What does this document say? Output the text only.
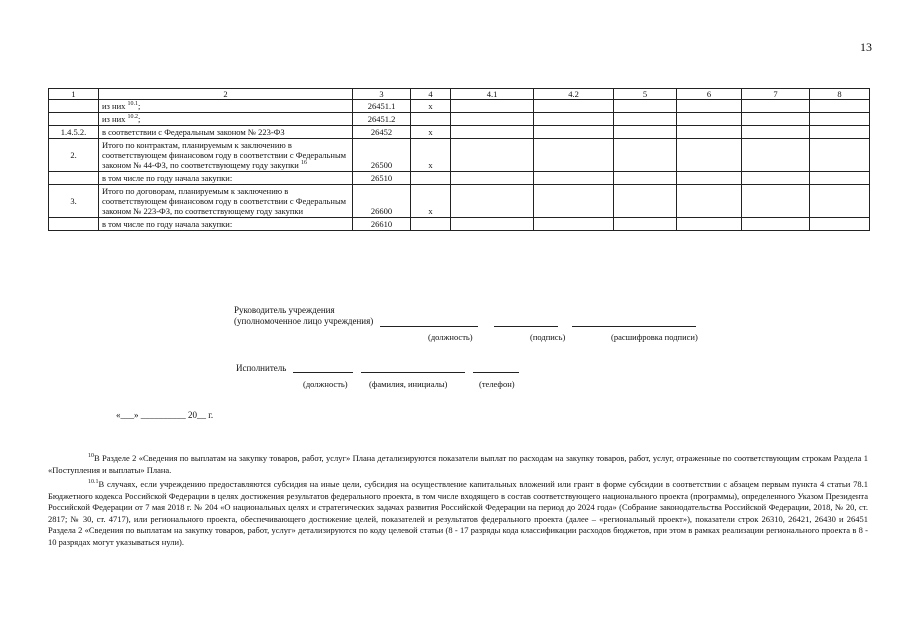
13
1	2	3	4	4.1	4.2	5	6	7	8
	из них $^{10.1}$;	26451.1	х						
	из них $^{10.2}$;	26451.2							
1.4.5.2.	в соответствии с Федеральным законом № 223-ФЗ	26452	х						
2.	Итого по контрактам, планируемым к заключению в соответствующем финансовом году в соответствии с Федеральным законом № 44-ФЗ, по соответствующему году закупки $^{16}$	26500	х						
	в том числе по году начала закупки:	26510							
3.	Итого по договорам, планируемым к заключению в соответствующем финансовом году в соответствии с Федеральным законом № 223-ФЗ, по соответствующему году закупки	26600	х						
	в том числе по году начала закупки:	26610							
Руководитель учреждения
(уполномоченное лицо учреждения)
(должность)	(подпись)	(расшифровка подписи)
Исполнитель
(должность)	(фамилия, инициалы)	(телефон)
«___» __________ 20__ г.

$^{10}$В Разделе 2 «Сведения по выплатам на закупку товаров, работ, услуг» Плана детализируются показатели выплат по расходам на закупку товаров, работ, услуг, отраженные по соответствующим строкам Раздела 1 «Поступления и выплаты» Плана.

$^{10.1}$В случаях, если учреждению предоставляются субсидия на иные цели, субсидия на осуществление капитальных вложений или грант в форме субсидии в соответствии с абзацем первым пункта 4 статьи 78.1 Бюджетного кодекса Российской Федерации в целях достижения результатов федерального проекта, в том числе входящего в состав соответствующего национального проекта (программы), определенного Указом Президента Российской Федерации от 7 мая 2018 г. № 204 «О национальных целях и стратегических задачах развития Российской Федерации на период до 2024 года» (Собрание законодательства Российской Федерации, 2018, № 20, ст. 2817; № 30, ст. 4717), или регионального проекта, обеспечивающего достижение целей, показателей и результатов федерального проекта (далее – «региональный проект»), показатели строк 26310, 26421, 26430 и 26451 Раздела 2 «Сведения по выплатам на закупку товаров, работ, услуг» детализируются по коду целевой статьи (8 - 17 разряды кода классификации расходов бюджетов, при этом в рамках реализации регионального проекта в 8 - 10 разрядах могут указываться нули).
